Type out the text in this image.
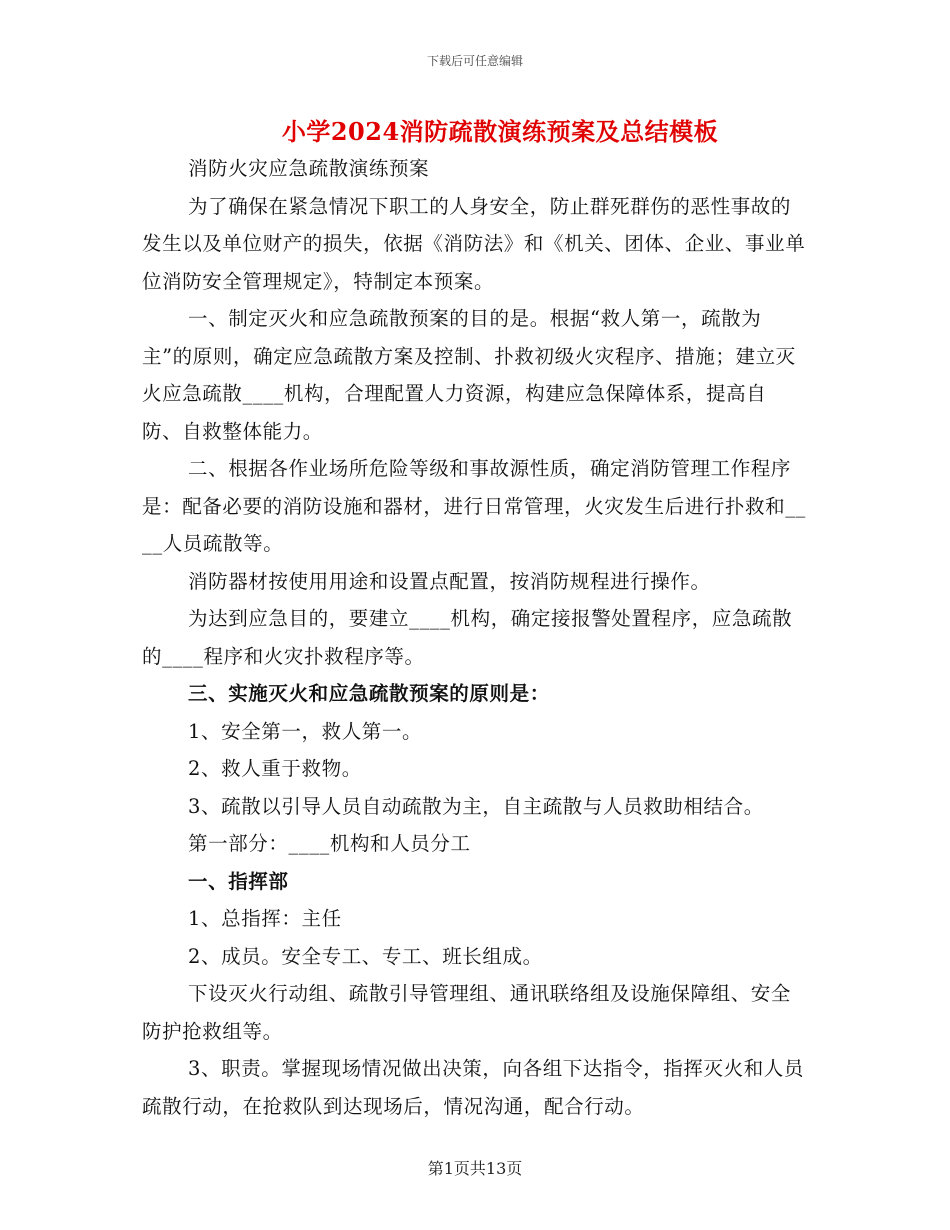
下载后可任意编辑
小学2024消防疏散演练预案及总结模板

消防火灾应急疏散演练预案

为了确保在紧急情况下职工的人身安全，防止群死群伤的恶性事故的发生以及单位财产的损失，依据《消防法》和《机关、团体、企业、事业单位消防安全管理规定》，特制定本预案。

一、制定灭火和应急疏散预案的目的是。根据“救人第一，疏散为主”的原则，确定应急疏散方案及控制、扑救初级火灾程序、措施；建立灭火应急疏散____机构，合理配置人力资源，构建应急保障体系，提高自防、自救整体能力。

二、根据各作业场所危险等级和事故源性质，确定消防管理工作程序是：配备必要的消防设施和器材，进行日常管理，火灾发生后进行扑救和____人员疏散等。

消防器材按使用用途和设置点配置，按消防规程进行操作。

为达到应急目的，要建立____机构，确定接报警处置程序，应急疏散的____程序和火灾扑救程序等。

三、实施灭火和应急疏散预案的原则是：

1、安全第一，救人第一。

2、救人重于救物。

3、疏散以引导人员自动疏散为主，自主疏散与人员救助相结合。

第一部分：____机构和人员分工

一、指挥部

1、总指挥：主任

2、成员。安全专工、专工、班长组成。

下设灭火行动组、疏散引导管理组、通讯联络组及设施保障组、安全防护抢救组等。

3、职责。掌握现场情况做出决策，向各组下达指令，指挥灭火和人员疏散行动，在抢救队到达现场后，情况沟通，配合行动。

第1页共13页
